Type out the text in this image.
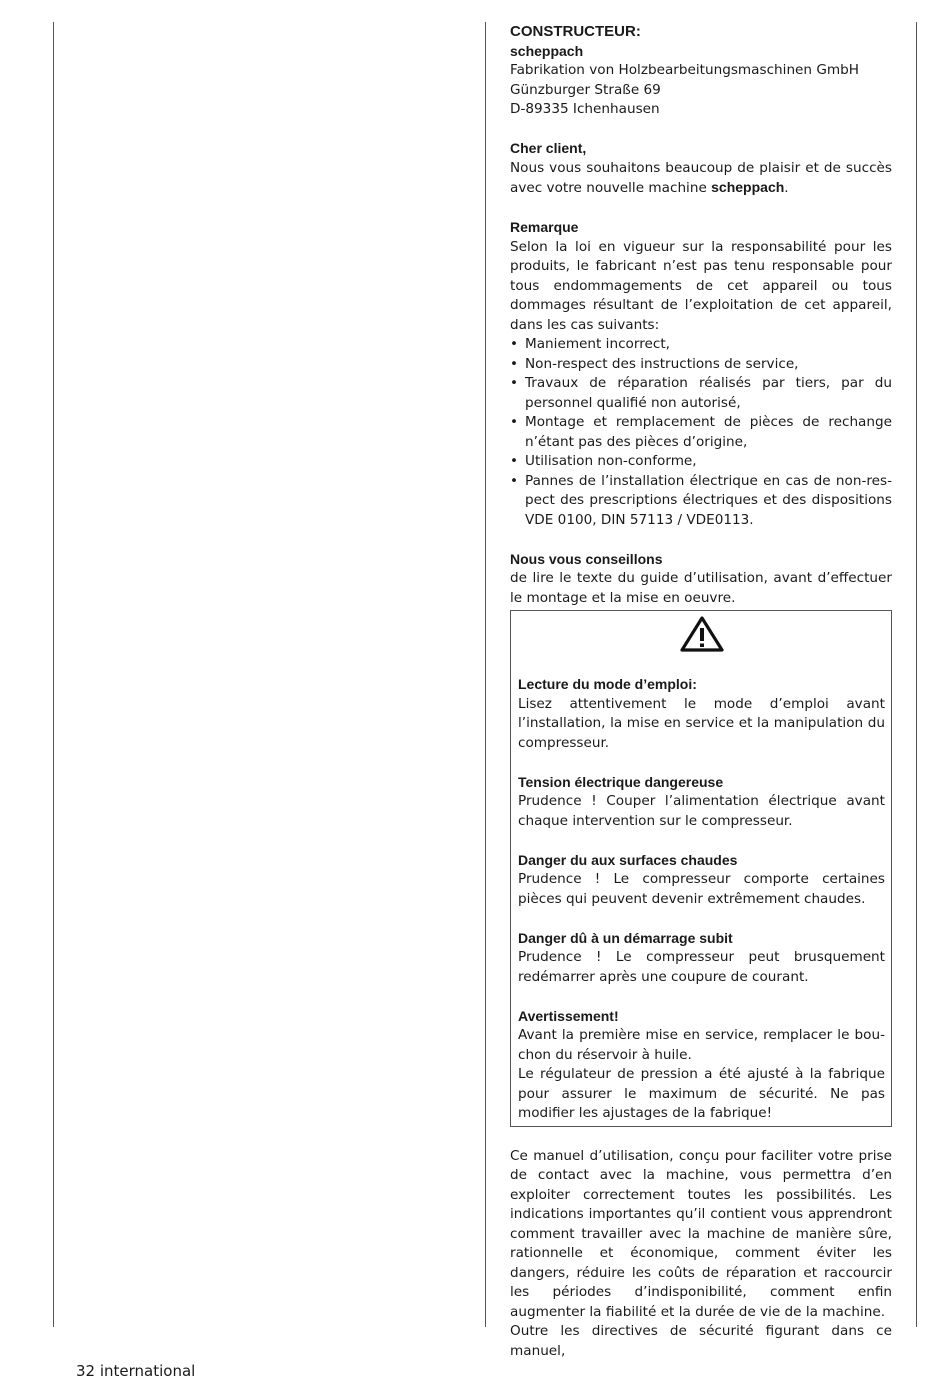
CONSTRUCTEUR:

scheppach

Fabrikation von Holzbearbeitungsmaschinen GmbH

Günzburger Straße 69

D-89335 Ichenhausen

Cher client,

Nous vous souhaitons beaucoup de plaisir et de succès avec votre nouvelle machine scheppach.

Remarque

Selon la loi en vigueur sur la responsabilité pour les produits, le fabricant n’est pas tenu responsable pour tous endommagements de cet appareil ou tous dommages résultant de l’exploitation de cet appareil, dans les cas suivants:

• Maniement incorrect,
• Non-respect des instructions de service,
• Travaux de réparation réalisés par tiers, par du personnel qualifié non autorisé,
• Montage et remplacement de pièces de rechange n’étant pas des pièces d’origine,
• Utilisation non-conforme,
• Pannes de l’installation électrique en cas de non-respect des prescriptions électriques et des dispositions VDE 0100, DIN 57113 / VDE0113.

Nous vous conseillons

de lire le texte du guide d’utilisation, avant d’effectuer le montage et la mise en oeuvre.

Lecture du mode d’emploi:

Lisez attentivement le mode d’emploi avant l’installation, la mise en service et la manipulation du compresseur.

Tension électrique dangereuse

Prudence ! Couper l’alimentation électrique avant chaque intervention sur le compresseur.

Danger du aux surfaces chaudes

Prudence ! Le compresseur comporte certaines pièces qui peuvent devenir extrêmement chaudes.

Danger dû à un démarrage subit

Prudence ! Le compresseur peut brusquement redémarrer après une coupure de courant.

Avertissement!

Avant la première mise en service, remplacer le bouchon du réservoir à huile.

Le régulateur de pression a été ajusté à la fabrique pour assurer le maximum de sécurité. Ne pas modifier les ajustages de la fabrique!

Ce manuel d’utilisation, conçu pour faciliter votre prise de contact avec la machine, vous permettra d’en exploiter correctement toutes les possibilités. Les indications importantes qu’il contient vous apprendront comment travailler avec la machine de manière sûre, rationnelle et économique, comment éviter les dangers, réduire les coûts de réparation et raccourcir les périodes d’indisponibilité, comment enfin augmenter la fiabilité et la durée de vie de la machine.

Outre les directives de sécurité figurant dans ce manuel,

32 international
